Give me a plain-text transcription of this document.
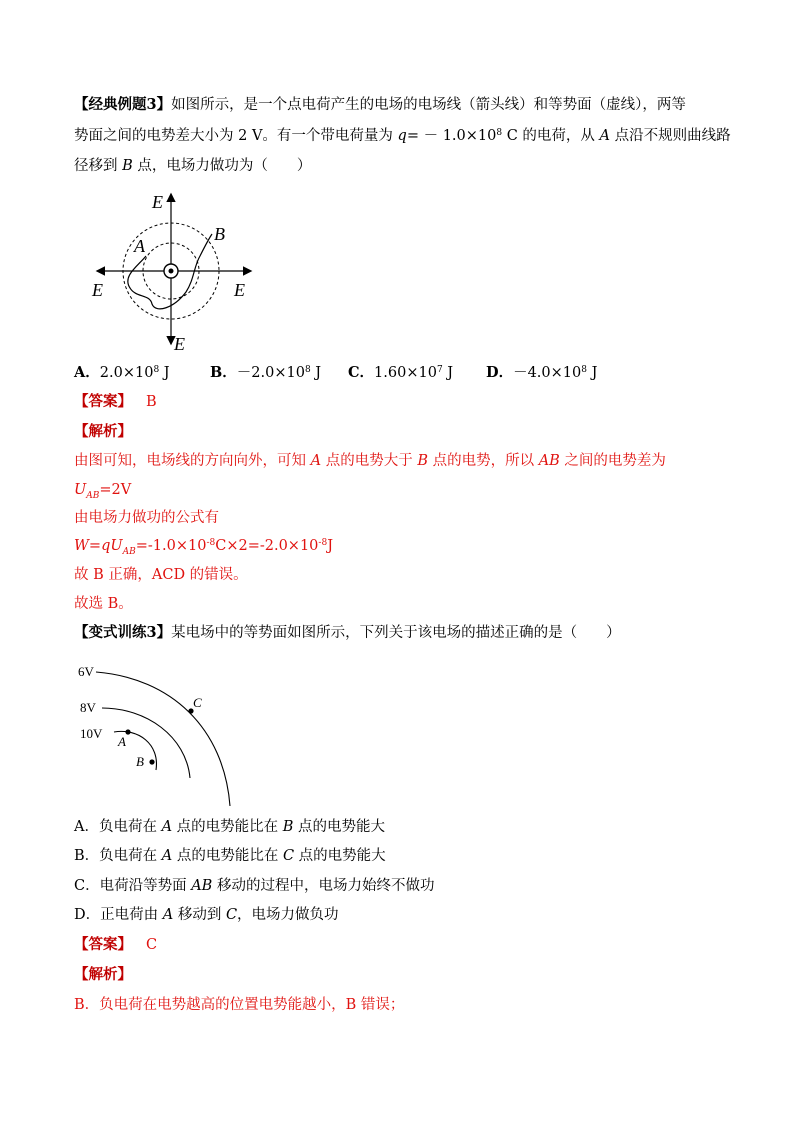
【经典例题3】如图所示，是一个点电荷产生的电场的电场线（箭头线）和等势面（虚线），两等
势面之间的电势差大小为 2 V。有一个带电荷量为 $q= - 1.0\times 10^8$ C 的电荷，从 A 点沿不规则曲线路
径移到 B 点，电场力做功为（　　）
E
E	E
E
A
B
A．$2.0\times 10^8$ J	B．$-2.0\times 10^8$ J C．$1.60\times 10^7$ J D．$-4.0\times 10^8$ J
【答案】 B
【解析】
由图可知，电场线的方向向外，可知 A 点的电势大于 B 点的电势，所以 AB 之间的电势差为
$U_{AB}=2V$
由电场力做功的公式有
$W=qU_{AB}=-1.0\times 10^{-8}C\times 2=-2.0\times 10^{-8}J$
故 B 正确，ACD 的错误。
故选 B。
【变式训练3】某电场中的等势面如图所示，下列关于该电场的描述正确的是（　　）
6V
8V
10V
A
B
C
A．负电荷在 A 点的电势能比在 B 点的电势能大
B．负电荷在 A 点的电势能比在 C 点的电势能大
C．电荷沿等势面 AB 移动的过程中，电场力始终不做功
D．正电荷由 A 移动到 C，电场力做负功
【答案】 C
【解析】
B．负电荷在电势越高的位置电势能越小，B 错误；
